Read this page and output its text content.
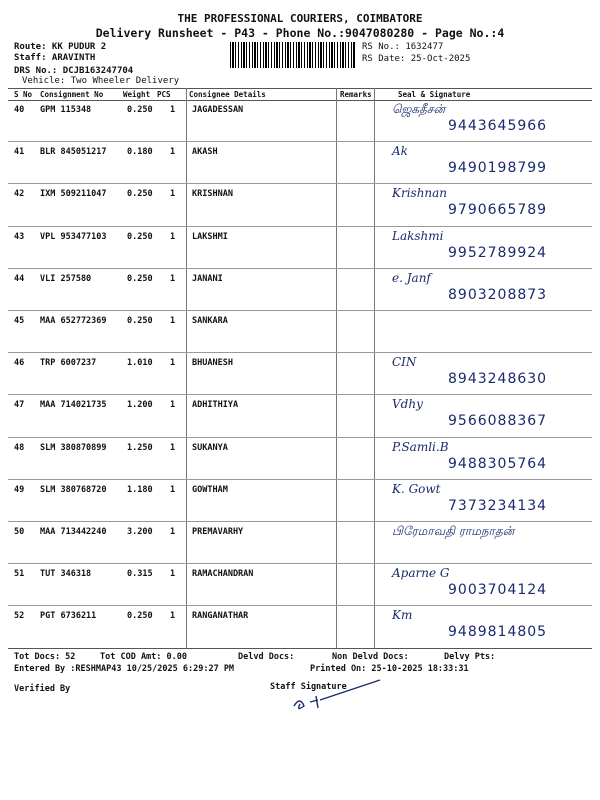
THE PROFESSIONAL COURIERS, COIMBATORE
Delivery Runsheet - P43 - Phone No.:9047080280 - Page No.:4
Route: KK PUDUR 2
Staff: ARAVINTH
DRS No.: DCJB163247704
Vehicle: Two Wheeler Delivery
RS No.: 1632477
RS Date: 25-Oct-2025
S No Consignment No	Weight PCS Consignee Details	Remarks	Seal & Signature
40 GPM 115348	0.250 1 JAGADESSAN	ஜெகதீசன்
9443645966
41 BLR 845051217 0.180 1 AKASH	Ak
9490198799
42 IXM 509211047 0.250 1 KRISHNAN	Krishnan
9790665789
43 VPL 953477103 0.250 1 LAKSHMI	Lakshmi
9952789924
44 VLI 257580	0.250 1 JANANI	e. Janf
8903208873
45 MAA 652772369 0.250 1 SANKARA
46 TRP 6007237	1.010 1 BHUANESH	CIN
8943248630
47 MAA 714021735 1.200 1 ADHITHIYA	Vdhy
9566088367
48 SLM 380870899 1.250 1 SUKANYA	P.Samli.B
9488305764
49 SLM 380768720 1.180 1 GOWTHAM	K. Gowt
7373234134
50 MAA 713442240 3.200 1 PREMAVARHY	பிரேமாவதி ராமநாதன்
51 TUT 346318	0.315 1 RAMACHANDRAN	Aparne G
9003704124
52 PGT 6736211	0.250 1 RANGANATHAR	Km
9489814805
Tot Docs: 52	Tot COD Amt: 0.00	Delvd Docs:	Non Delvd Docs:	Delvy Pts:
Entered By :RESHMAP43 10/25/2025 6:29:27 PM	Printed On: 25-10-2025 18:33:31
Verified By	Staff Signature
